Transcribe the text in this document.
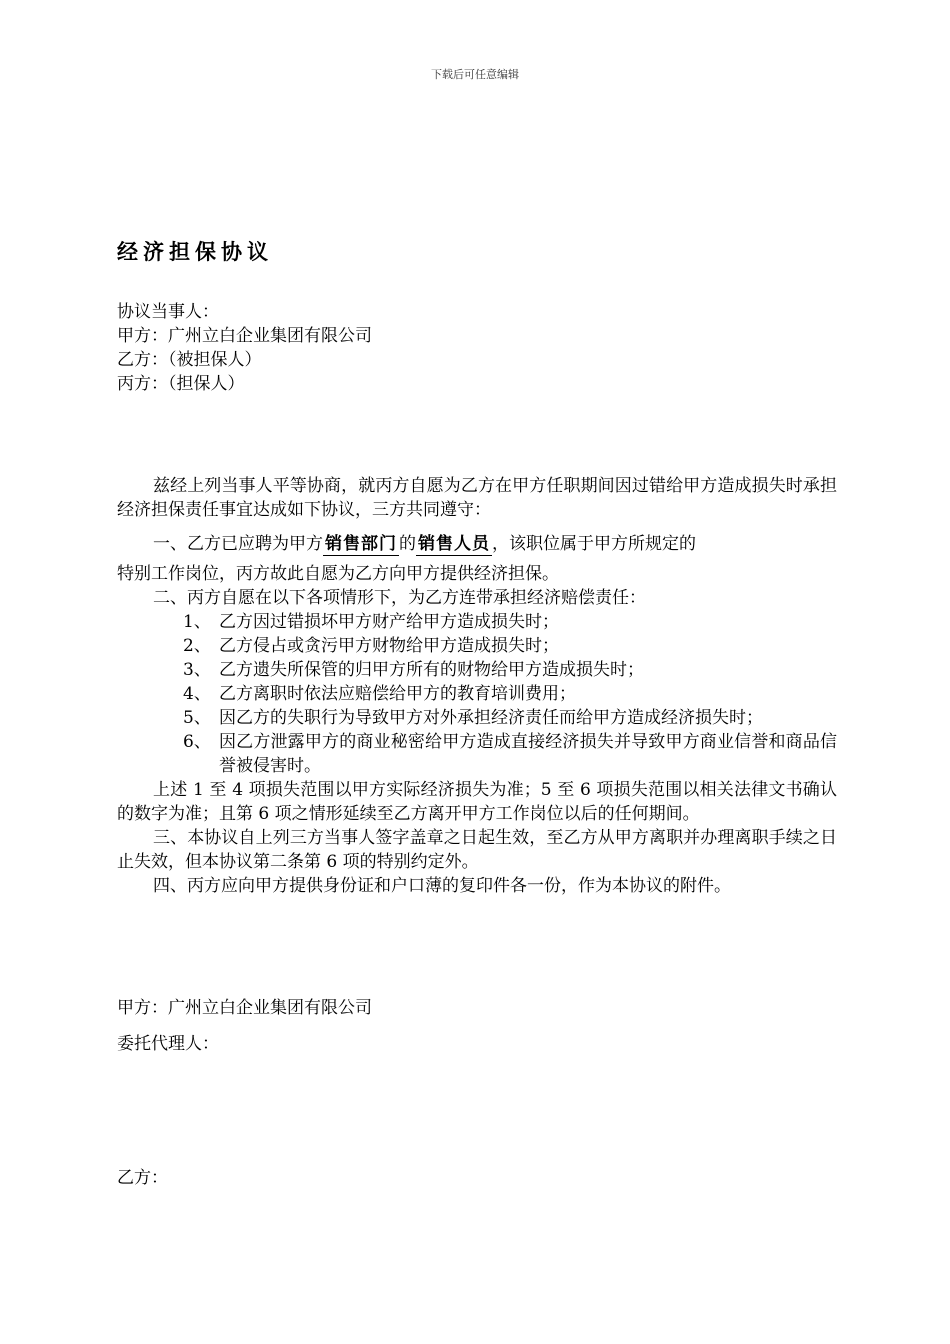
下载后可任意编辑
经济担保协议
协议当事人：
甲方：广州立白企业集团有限公司
乙方：（被担保人）
丙方：（担保人）
兹经上列当事人平等协商，就丙方自愿为乙方在甲方任职期间因过错给甲方造成损失时承担经济担保责任事宜达成如下协议，三方共同遵守：
一、乙方已应聘为甲方 销售部门 的 销售人员 ，该职位属于甲方所规定的
特别工作岗位，丙方故此自愿为乙方向甲方提供经济担保。
二、丙方自愿在以下各项情形下，为乙方连带承担经济赔偿责任：
1、 乙方因过错损坏甲方财产给甲方造成损失时；
2、 乙方侵占或贪污甲方财物给甲方造成损失时；
3、 乙方遗失所保管的归甲方所有的财物给甲方造成损失时；
4、 乙方离职时依法应赔偿给甲方的教育培训费用；
5、 因乙方的失职行为导致甲方对外承担经济责任而给甲方造成经济损失时；
6、 因乙方泄露甲方的商业秘密给甲方造成直接经济损失并导致甲方商业信誉和商品信誉被侵害时。
上述 1 至 4 项损失范围以甲方实际经济损失为准；5 至 6 项损失范围以相关法律文书确认的数字为准；且第 6 项之情形延续至乙方离开甲方工作岗位以后的任何期间。
三、本协议自上列三方当事人签字盖章之日起生效，至乙方从甲方离职并办理离职手续之日止失效，但本协议第二条第 6 项的特别约定外。
四、丙方应向甲方提供身份证和户口薄的复印件各一份，作为本协议的附件。
甲方：广州立白企业集团有限公司
委托代理人：
乙方：
